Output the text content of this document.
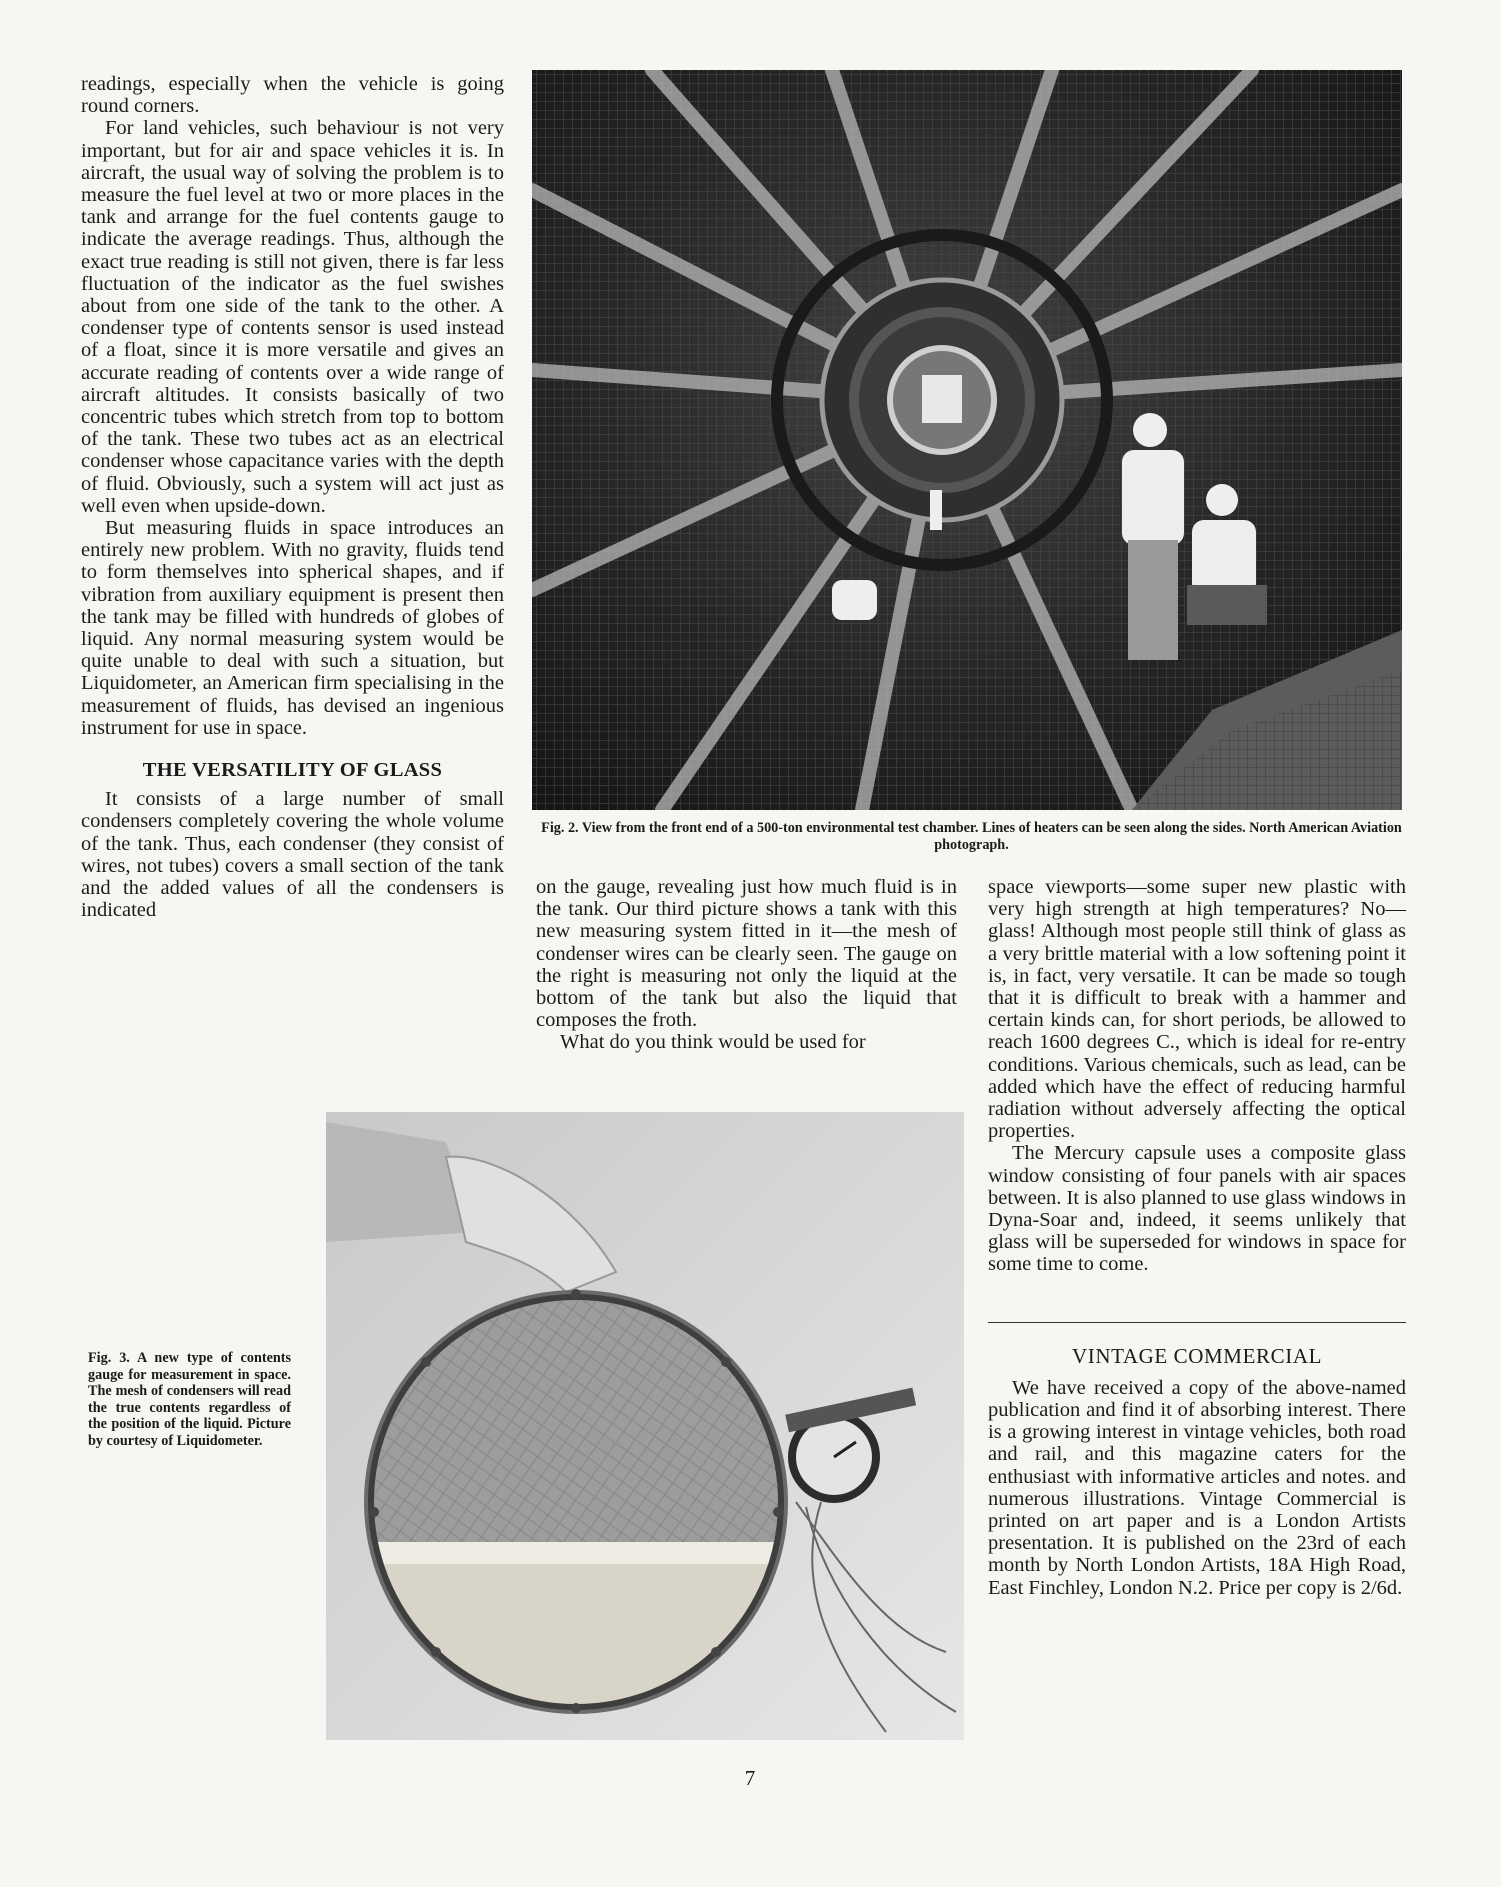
readings, especially when the vehicle is going round corners.

For land vehicles, such behaviour is not very important, but for air and space vehicles it is. In aircraft, the usual way of solving the problem is to measure the fuel level at two or more places in the tank and arrange for the fuel contents gauge to indicate the average readings. Thus, although the exact true reading is still not given, there is far less fluctuation of the indicator as the fuel swishes about from one side of the tank to the other. A condenser type of contents sensor is used instead of a float, since it is more versatile and gives an accurate reading of contents over a wide range of aircraft altitudes. It consists basically of two concentric tubes which stretch from top to bottom of the tank. These two tubes act as an electrical condenser whose capacitance varies with the depth of fluid. Obviously, such a system will act just as well even when upside-down.

But measuring fluids in space introduces an entirely new problem. With no gravity, fluids tend to form themselves into spherical shapes, and if vibration from auxiliary equipment is present then the tank may be filled with hundreds of globes of liquid. Any normal measuring system would be quite unable to deal with such a situation, but Liquidometer, an American firm specialising in the measurement of fluids, has devised an ingenious instrument for use in space.

THE VERSATILITY OF GLASS

It consists of a large number of small condensers completely covering the whole volume of the tank. Thus, each condenser (they consist of wires, not tubes) covers a small section of the tank and the added values of all the condensers is indicated

Fig. 2. View from the front end of a 500-ton environmental test chamber. Lines of heaters can be seen along the sides. North American Aviation photograph.

on the gauge, revealing just how much fluid is in the tank. Our third picture shows a tank with this new measuring system fitted in it—the mesh of condenser wires can be clearly seen. The gauge on the right is measuring not only the liquid at the bottom of the tank but also the liquid that composes the froth.

What do you think would be used for

space viewports—some super new plastic with very high strength at high temperatures? No—glass! Although most people still think of glass as a very brittle material with a low softening point it is, in fact, very versatile. It can be made so tough that it is difficult to break with a hammer and certain kinds can, for short periods, be allowed to reach 1600 degrees C., which is ideal for re-entry conditions. Various chemicals, such as lead, can be added which have the effect of reducing harmful radiation without adversely affecting the optical properties.

The Mercury capsule uses a composite glass window consisting of four panels with air spaces between. It is also planned to use glass windows in Dyna-Soar and, indeed, it seems unlikely that glass will be superseded for windows in space for some time to come.

VINTAGE COMMERCIAL

We have received a copy of the above-named publication and find it of absorbing interest. There is a growing interest in vintage vehicles, both road and rail, and this magazine caters for the enthusiast with informative articles and notes. and numerous illustrations. Vintage Commercial is printed on art paper and is a London Artists presentation. It is published on the 23rd of each month by North London Artists, 18A High Road, East Finchley, London N.2. Price per copy is 2/6d.

Fig. 3. A new type of contents gauge for measurement in space. The mesh of condensers will read the true contents regardless of the position of the liquid. Picture by courtesy of Liquidometer.
7
